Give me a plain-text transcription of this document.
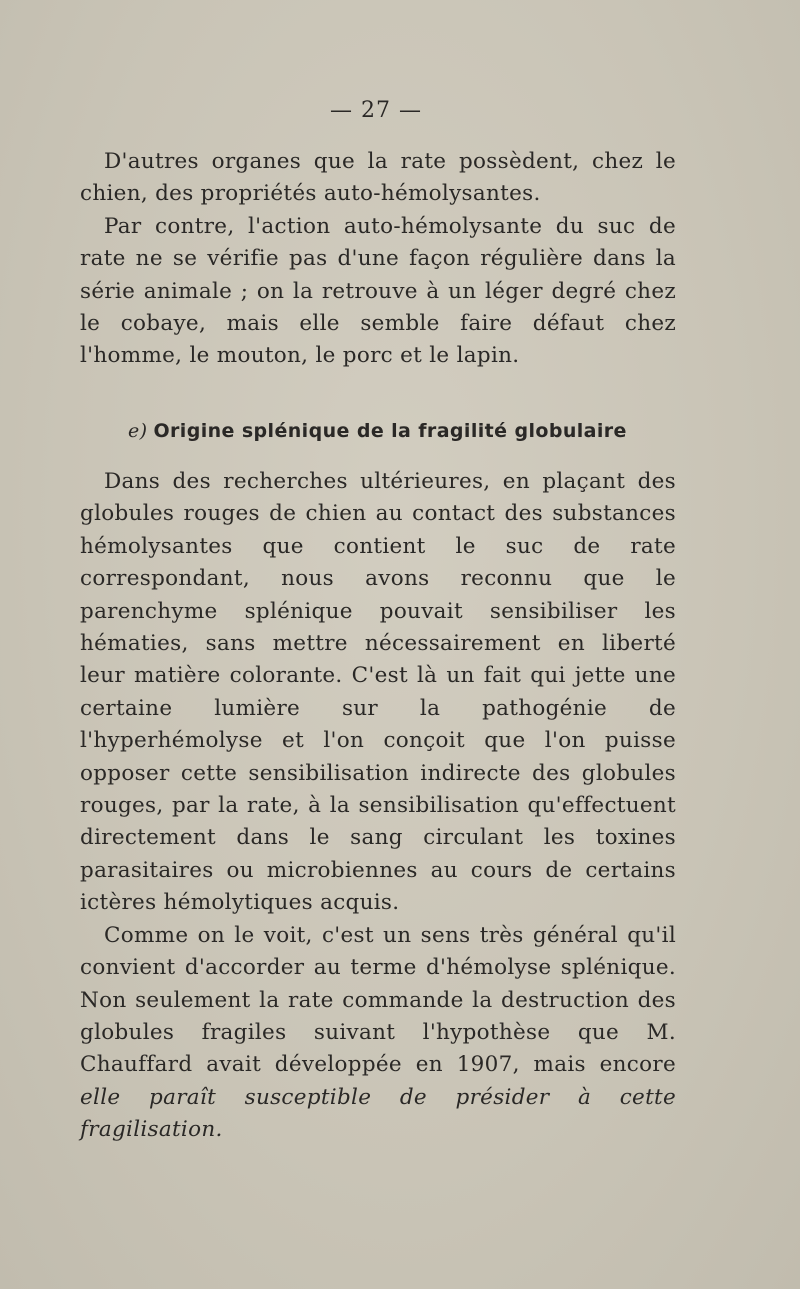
— 27 —

D'autres organes que la rate possèdent, chez le chien, des propriétés auto-hémolysantes.

Par contre, l'action auto-hémolysante du suc de rate ne se vérifie pas d'une façon régulière dans la série animale ; on la retrouve à un léger degré chez le cobaye, mais elle semble faire défaut chez l'homme, le mouton, le porc et le lapin.

e) Origine splénique de la fragilité globulaire

Dans des recherches ultérieures, en plaçant des globules rouges de chien au contact des substances hémolysantes que contient le suc de rate correspondant, nous avons reconnu que le parenchyme splénique pouvait sensibiliser les hématies, sans mettre nécessairement en liberté leur matière colorante. C'est là un fait qui jette une certaine lumière sur la pathogénie de l'hyperhémolyse et l'on conçoit que l'on puisse opposer cette sensibilisation indirecte des globules rouges, par la rate, à la sensibilisation qu'effectuent directement dans le sang circulant les toxines parasitaires ou microbiennes au cours de certains ictères hémolytiques acquis.

Comme on le voit, c'est un sens très général qu'il convient d'accorder au terme d'hémolyse splénique. Non seulement la rate commande la destruction des globules fragiles suivant l'hypothèse que M. Chauffard avait développée en 1907, mais encore elle paraît susceptible de présider à cette fragilisation.
